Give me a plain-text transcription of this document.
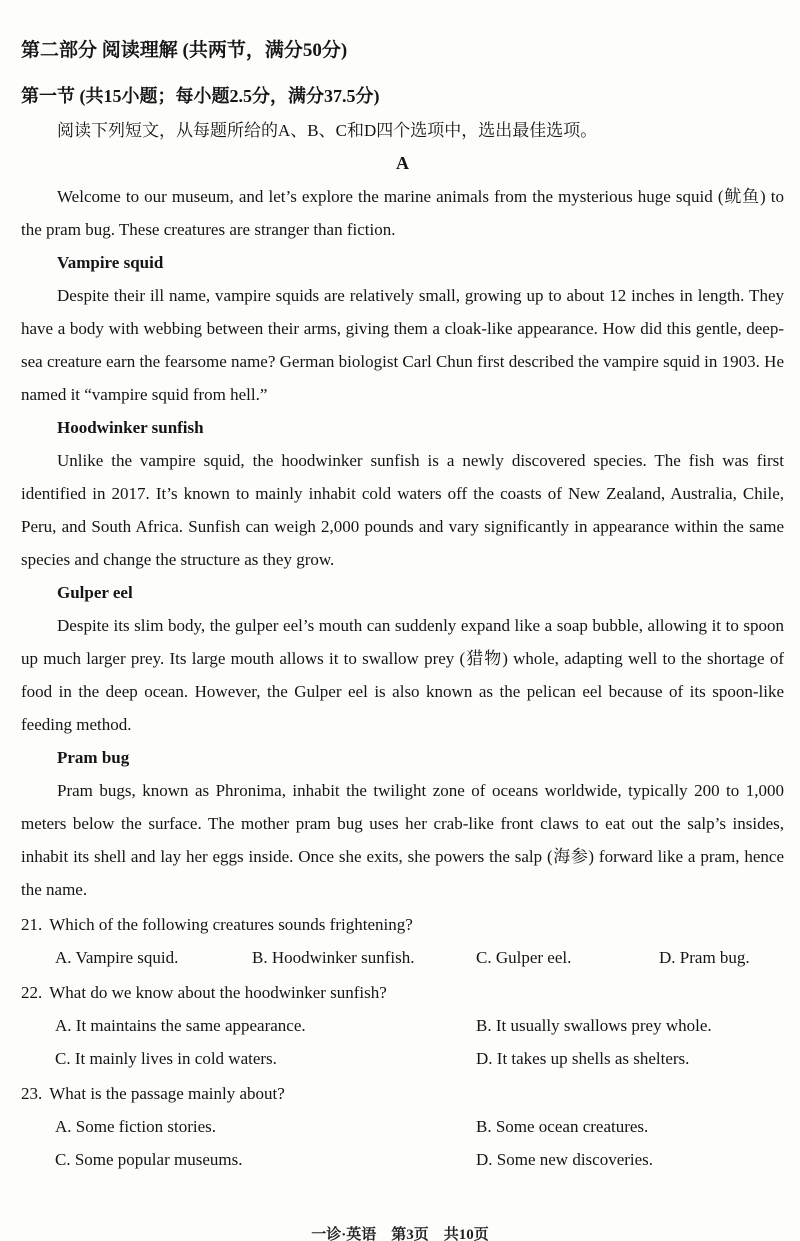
第二部分 阅读理解 (共两节，满分50分)
第一节 (共15小题；每小题2.5分，满分37.5分)

阅读下列短文，从每题所给的A、B、C和D四个选项中，选出最佳选项。

A

Welcome to our museum, and let’s explore the marine animals from the mysterious huge squid (鱿鱼) to the pram bug. These creatures are stranger than fiction.

Vampire squid

Despite their ill name, vampire squids are relatively small, growing up to about 12 inches in length. They have a body with webbing between their arms, giving them a cloak-like appearance. How did this gentle, deep-sea creature earn the fearsome name? German biologist Carl Chun first described the vampire squid in 1903. He named it “vampire squid from hell.”

Hoodwinker sunfish

Unlike the vampire squid, the hoodwinker sunfish is a newly discovered species. The fish was first identified in 2017. It’s known to mainly inhabit cold waters off the coasts of New Zealand, Australia, Chile, Peru, and South Africa. Sunfish can weigh 2,000 pounds and vary significantly in appearance within the same species and change the structure as they grow.

Gulper eel

Despite its slim body, the gulper eel’s mouth can suddenly expand like a soap bubble, allowing it to spoon up much larger prey. Its large mouth allows it to swallow prey (猎物) whole, adapting well to the shortage of food in the deep ocean. However, the Gulper eel is also known as the pelican eel because of its spoon-like feeding method.

Pram bug

Pram bugs, known as Phronima, inhabit the twilight zone of oceans worldwide, typically 200 to 1,000 meters below the surface. The mother pram bug uses her crab-like front claws to eat out the salp’s insides, inhabit its shell and lay her eggs inside. Once she exits, she powers the salp (海参) forward like a pram, hence the name.

21. Which of the following creatures sounds frightening?
A. Vampire squid.	B. Hoodwinker sunfish.	C. Gulper eel.	D. Pram bug.
22. What do we know about the hoodwinker sunfish?
A. It maintains the same appearance.	B. It usually swallows prey whole.
C. It mainly lives in cold waters.	D. It takes up shells as shelters.
23. What is the passage mainly about?
A. Some fiction stories.	B. Some ocean creatures.
C. Some popular museums.	D. Some new discoveries.
一诊·英语　第3页　共10页
